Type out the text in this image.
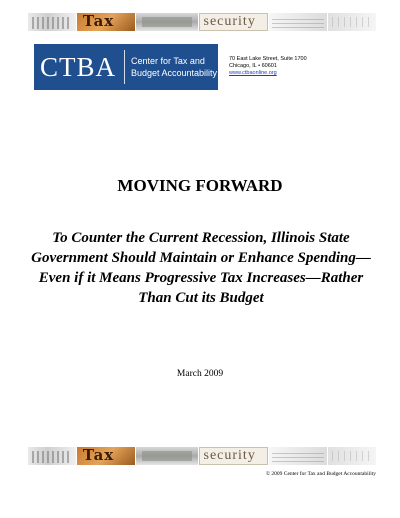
Tax	security
CTBA	Center for Tax and
Budget Accountability
70 East Lake Street, Suite 1700
Chicago, IL • 60601
www.ctbaonline.org
MOVING FORWARD
To Counter the Current Recession, Illinois State Government Should Maintain or Enhance Spending—Even if it Means Progressive Tax Increases—Rather Than Cut its Budget
March 2009
Tax	security
© 2009 Center for Tax and Budget Accountability
